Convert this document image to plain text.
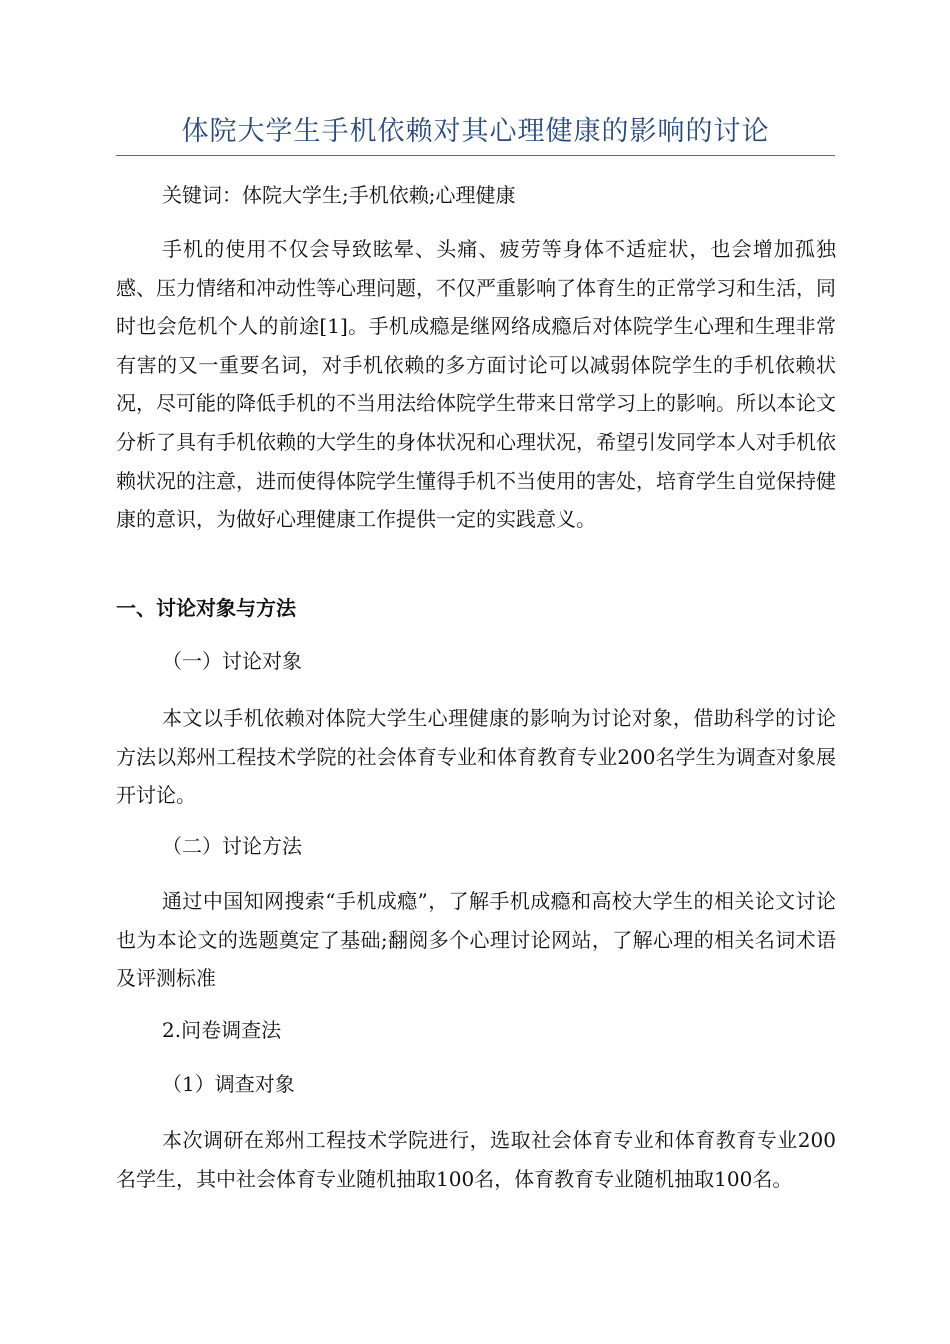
体院大学生手机依赖对其心理健康的影响的讨论
关键词：体院大学生;手机依赖;心理健康

手机的使用不仅会导致眩晕、头痛、疲劳等身体不适症状，也会增加孤独感、压力情绪和冲动性等心理问题，不仅严重影响了体育生的正常学习和生活，同时也会危机个人的前途[1]。手机成瘾是继网络成瘾后对体院学生心理和生理非常有害的又一重要名词，对手机依赖的多方面讨论可以减弱体院学生的手机依赖状况，尽可能的降低手机的不当用法给体院学生带来日常学习上的影响。所以本论文分析了具有手机依赖的大学生的身体状况和心理状况，希望引发同学本人对手机依赖状况的注意，进而使得体院学生懂得手机不当使用的害处，培育学生自觉保持健康的意识，为做好心理健康工作提供一定的实践意义。

一、讨论对象与方法
（一）讨论对象

本文以手机依赖对体院大学生心理健康的影响为讨论对象，借助科学的讨论方法以郑州工程技术学院的社会体育专业和体育教育专业200名学生为调查对象展开讨论。

（二）讨论方法

通过中国知网搜索“手机成瘾”，了解手机成瘾和高校大学生的相关论文讨论也为本论文的选题奠定了基础;翻阅多个心理讨论网站，了解心理的相关名词术语及评测标准

2.问卷调查法
（1）调查对象

本次调研在郑州工程技术学院进行，选取社会体育专业和体育教育专业200名学生，其中社会体育专业随机抽取100名，体育教育专业随机抽取100名。
